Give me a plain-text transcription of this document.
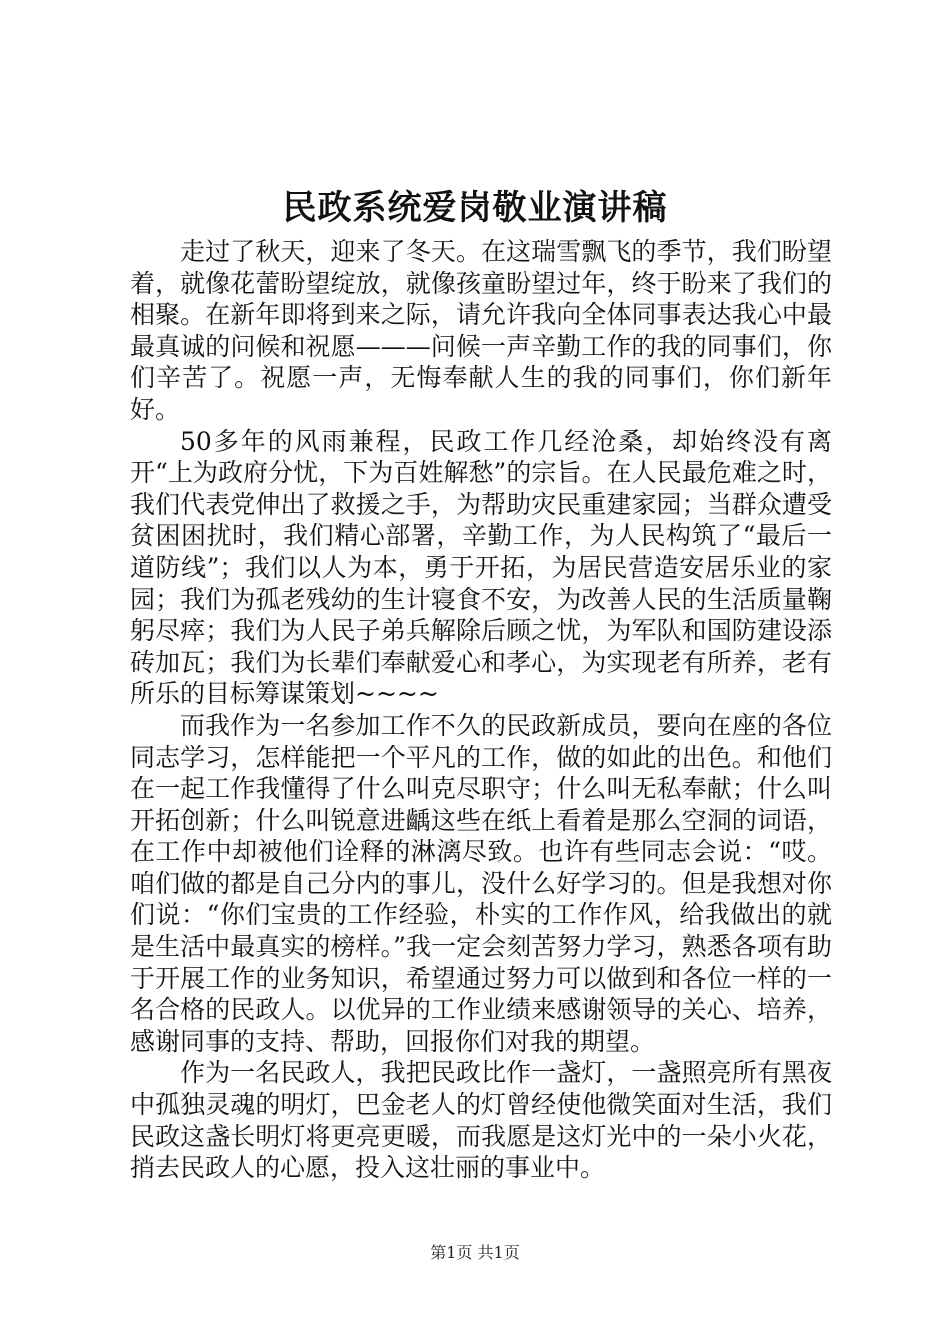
民政系统爱岗敬业演讲稿

走过了秋天，迎来了冬天。在这瑞雪飘飞的季节，我们盼望着，就像花蕾盼望绽放，就像孩童盼望过年，终于盼来了我们的相聚。在新年即将到来之际，请允许我向全体同事表达我心中最最真诚的问候和祝愿———问候一声辛勤工作的我的同事们，你们辛苦了。祝愿一声，无悔奉献人生的我的同事们，你们新年好。

50多年的风雨兼程，民政工作几经沧桑，却始终没有离开“上为政府分忧，下为百姓解愁”的宗旨。在人民最危难之时，我们代表党伸出了救援之手，为帮助灾民重建家园；当群众遭受贫困困扰时，我们精心部署，辛勤工作，为人民构筑了“最后一道防线”；我们以人为本，勇于开拓，为居民营造安居乐业的家园；我们为孤老残幼的生计寝食不安，为改善人民的生活质量鞠躬尽瘁；我们为人民子弟兵解除后顾之忧，为军队和国防建设添砖加瓦；我们为长辈们奉献爱心和孝心，为实现老有所养，老有所乐的目标筹谋策划~~~~

而我作为一名参加工作不久的民政新成员，要向在座的各位同志学习，怎样能把一个平凡的工作，做的如此的出色。和他们在一起工作我懂得了什么叫克尽职守；什么叫无私奉献；什么叫开拓创新；什么叫锐意进齲这些在纸上看着是那么空洞的词语，在工作中却被他们诠释的淋漓尽致。也许有些同志会说：“哎。咱们做的都是自己分内的事儿，没什么好学习的。但是我想对你们说：“你们宝贵的工作经验，朴实的工作作风，给我做出的就是生活中最真实的榜样。”我一定会刻苦努力学习，熟悉各项有助于开展工作的业务知识，希望通过努力可以做到和各位一样的一名合格的民政人。以优异的工作业绩来感谢领导的关心、培养，感谢同事的支持、帮助，回报你们对我的期望。

作为一名民政人，我把民政比作一盏灯，一盏照亮所有黑夜中孤独灵魂的明灯，巴金老人的灯曾经使他微笑面对生活，我们民政这盏长明灯将更亮更暖，而我愿是这灯光中的一朵小火花，捎去民政人的心愿，投入这壮丽的事业中。

第1页 共1页
